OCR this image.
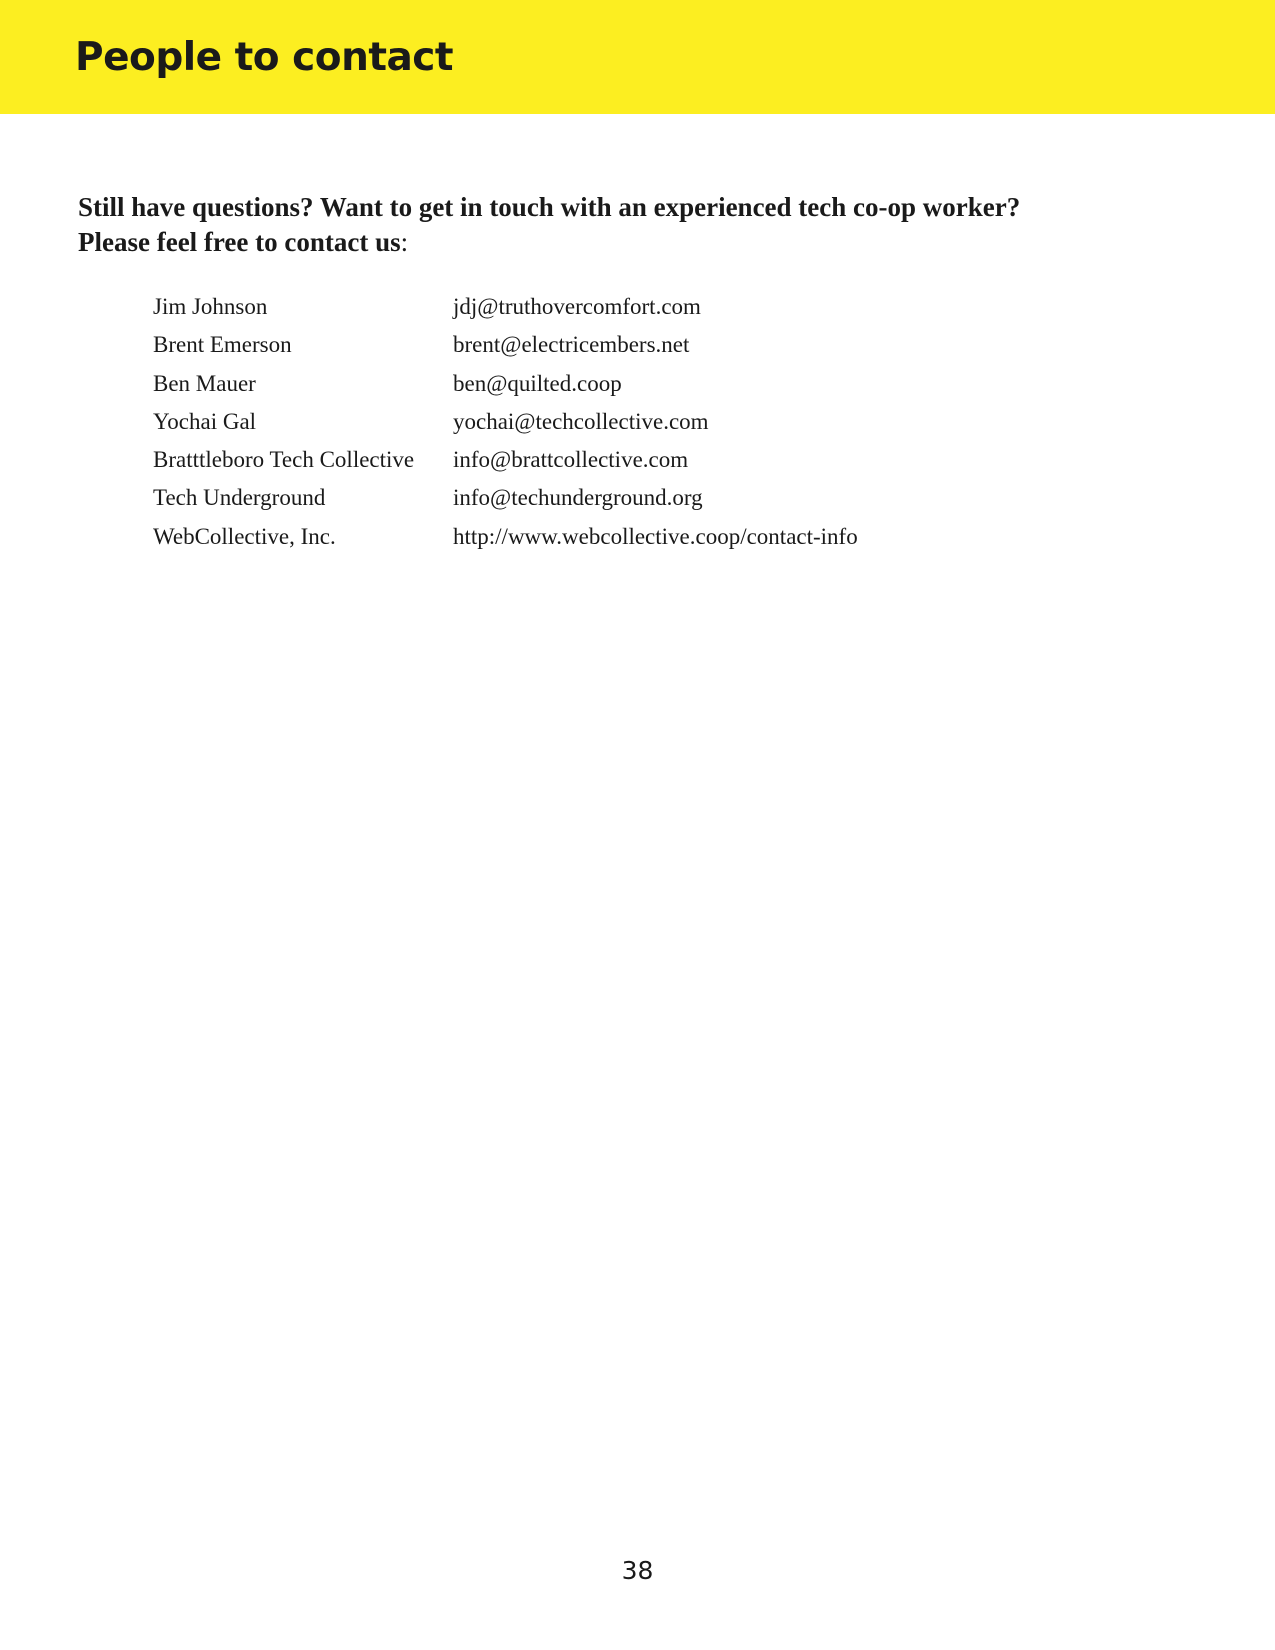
People to contact

Still have questions? Want to get in touch with an experienced tech co-op worker?
Please feel free to contact us:

Jim Johnson	jdj@truthovercomfort.com
Brent Emerson	brent@electricembers.net
Ben Mauer	ben@quilted.coop
Yochai Gal	yochai@techcollective.com
Bratttleboro Tech Collective	info@brattcollective.com
Tech Underground	info@techunderground.org
WebCollective, Inc.	http://www.webcollective.coop/contact-info
38
